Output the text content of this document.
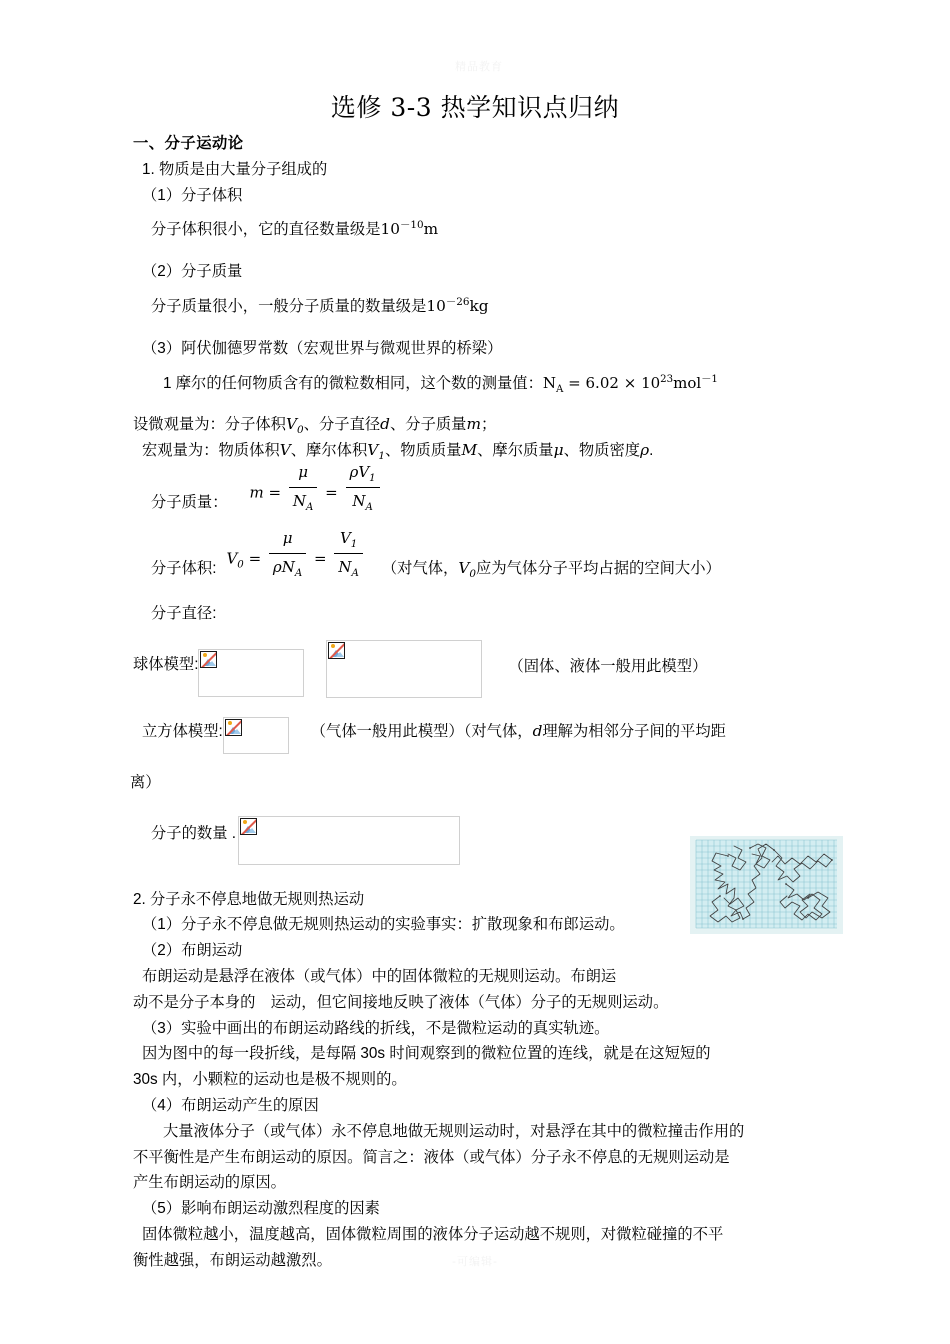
精品教育
-可编辑-
选修 3-3 热学知识点归纳
一、分子运动论
1. 物质是由大量分子组成的
（1）分子体积
分子体积很小，它的直径数量级是$10^{-10}m$
（2）分子质量
分子质量很小，一般分子质量的数量级是$10^{-26}kg$
（3）阿伏伽德罗常数（宏观世界与微观世界的桥梁）
1 摩尔的任何物质含有的微粒数相同，这个数的测量值：$N_A = 6.02 \times 10^{23}mol^{-1}$
设微观量为：分子体积$V_0$、分子直径d、分子质量m；
宏观量为：物质体积V、摩尔体积$V_1$、物质质量M、摩尔质量μ、物质密度ρ.
分子质量：
$m = \frac{\mu}{N_A} = \frac{\rho V_1}{N_A}$
分子体积:
$V_0 = \frac{\mu}{\rho N_A} = \frac{V_1}{N_A}$ （对气体，$V_0$应为气体分子平均占据的空间大小）
分子直径:
球体模型:	（固体、液体一般用此模型）
立方体模型:	（气体一般用此模型）（对气体，d理解为相邻分子间的平均距
离）
分子的数量 .
2. 分子永不停息地做无规则热运动
（1）分子永不停息做无规则热运动的实验事实：扩散现象和布郎运动。
（2）布朗运动
布朗运动是悬浮在液体（或气体）中的固体微粒的无规则运动。布朗运
动不是分子本身的　运动，但它间接地反映了液体（气体）分子的无规则运动。
（3）实验中画出的布朗运动路线的折线，不是微粒运动的真实轨迹。
因为图中的每一段折线，是每隔 30s 时间观察到的微粒位置的连线，就是在这短短的
30s 内，小颗粒的运动也是极不规则的。
（4）布朗运动产生的原因
大量液体分子（或气体）永不停息地做无规则运动时，对悬浮在其中的微粒撞击作用的
不平衡性是产生布朗运动的原因。简言之：液体（或气体）分子永不停息的无规则运动是
产生布朗运动的原因。
（5）影响布朗运动激烈程度的因素
固体微粒越小，温度越高，固体微粒周围的液体分子运动越不规则，对微粒碰撞的不平
衡性越强，布朗运动越激烈。
